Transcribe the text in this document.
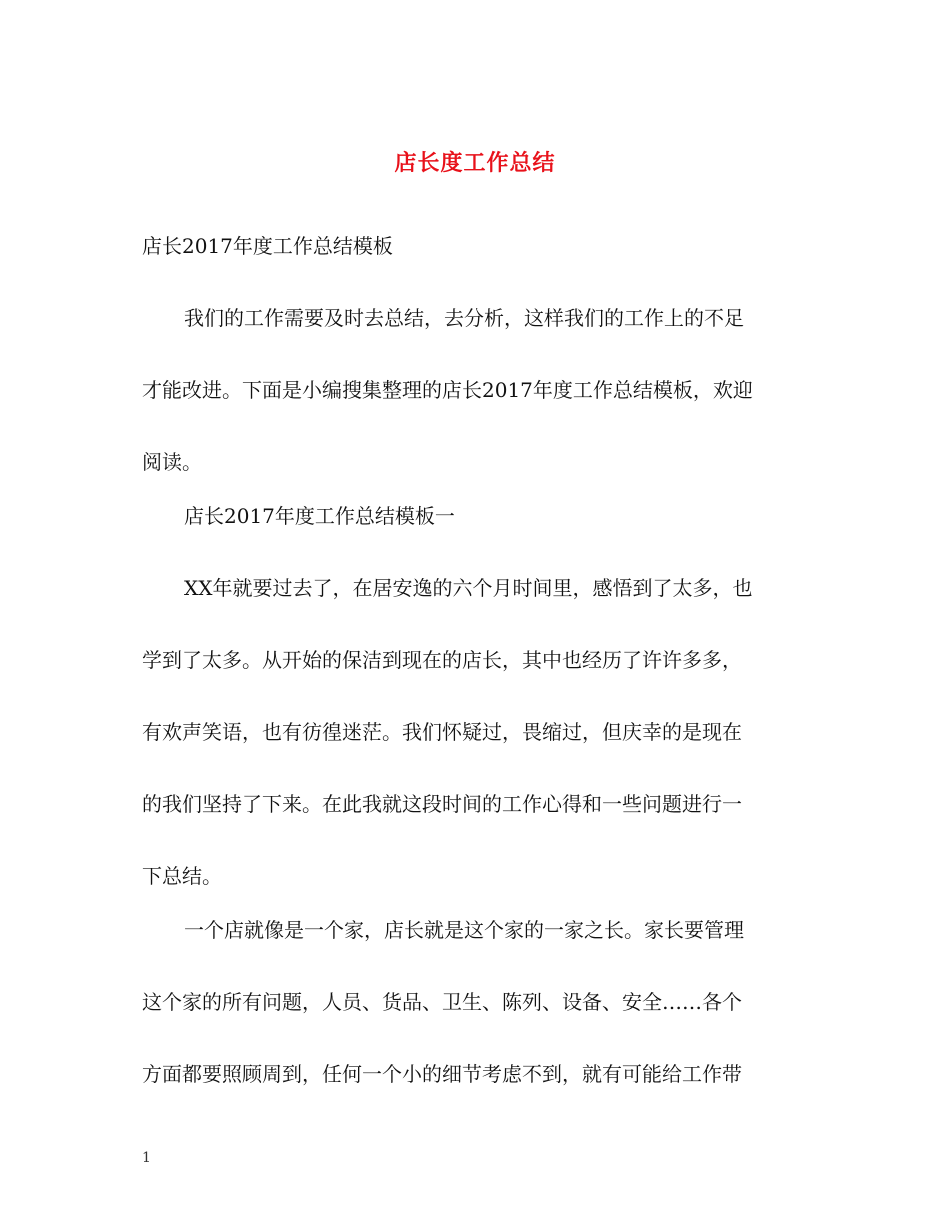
店长度工作总结
店长2017年度工作总结模板
我们的工作需要及时去总结，去分析，这样我们的工作上的不足
才能改进。下面是小编搜集整理的店长2017年度工作总结模板，欢迎
阅读。
店长2017年度工作总结模板一
XX年就要过去了，在居安逸的六个月时间里，感悟到了太多，也
学到了太多。从开始的保洁到现在的店长，其中也经历了许许多多，
有欢声笑语，也有彷徨迷茫。我们怀疑过，畏缩过，但庆幸的是现在
的我们坚持了下来。在此我就这段时间的工作心得和一些问题进行一
下总结。
一个店就像是一个家，店长就是这个家的一家之长。家长要管理
这个家的所有问题，人员、货品、卫生、陈列、设备、安全……各个
方面都要照顾周到，任何一个小的细节考虑不到，就有可能给工作带
1
